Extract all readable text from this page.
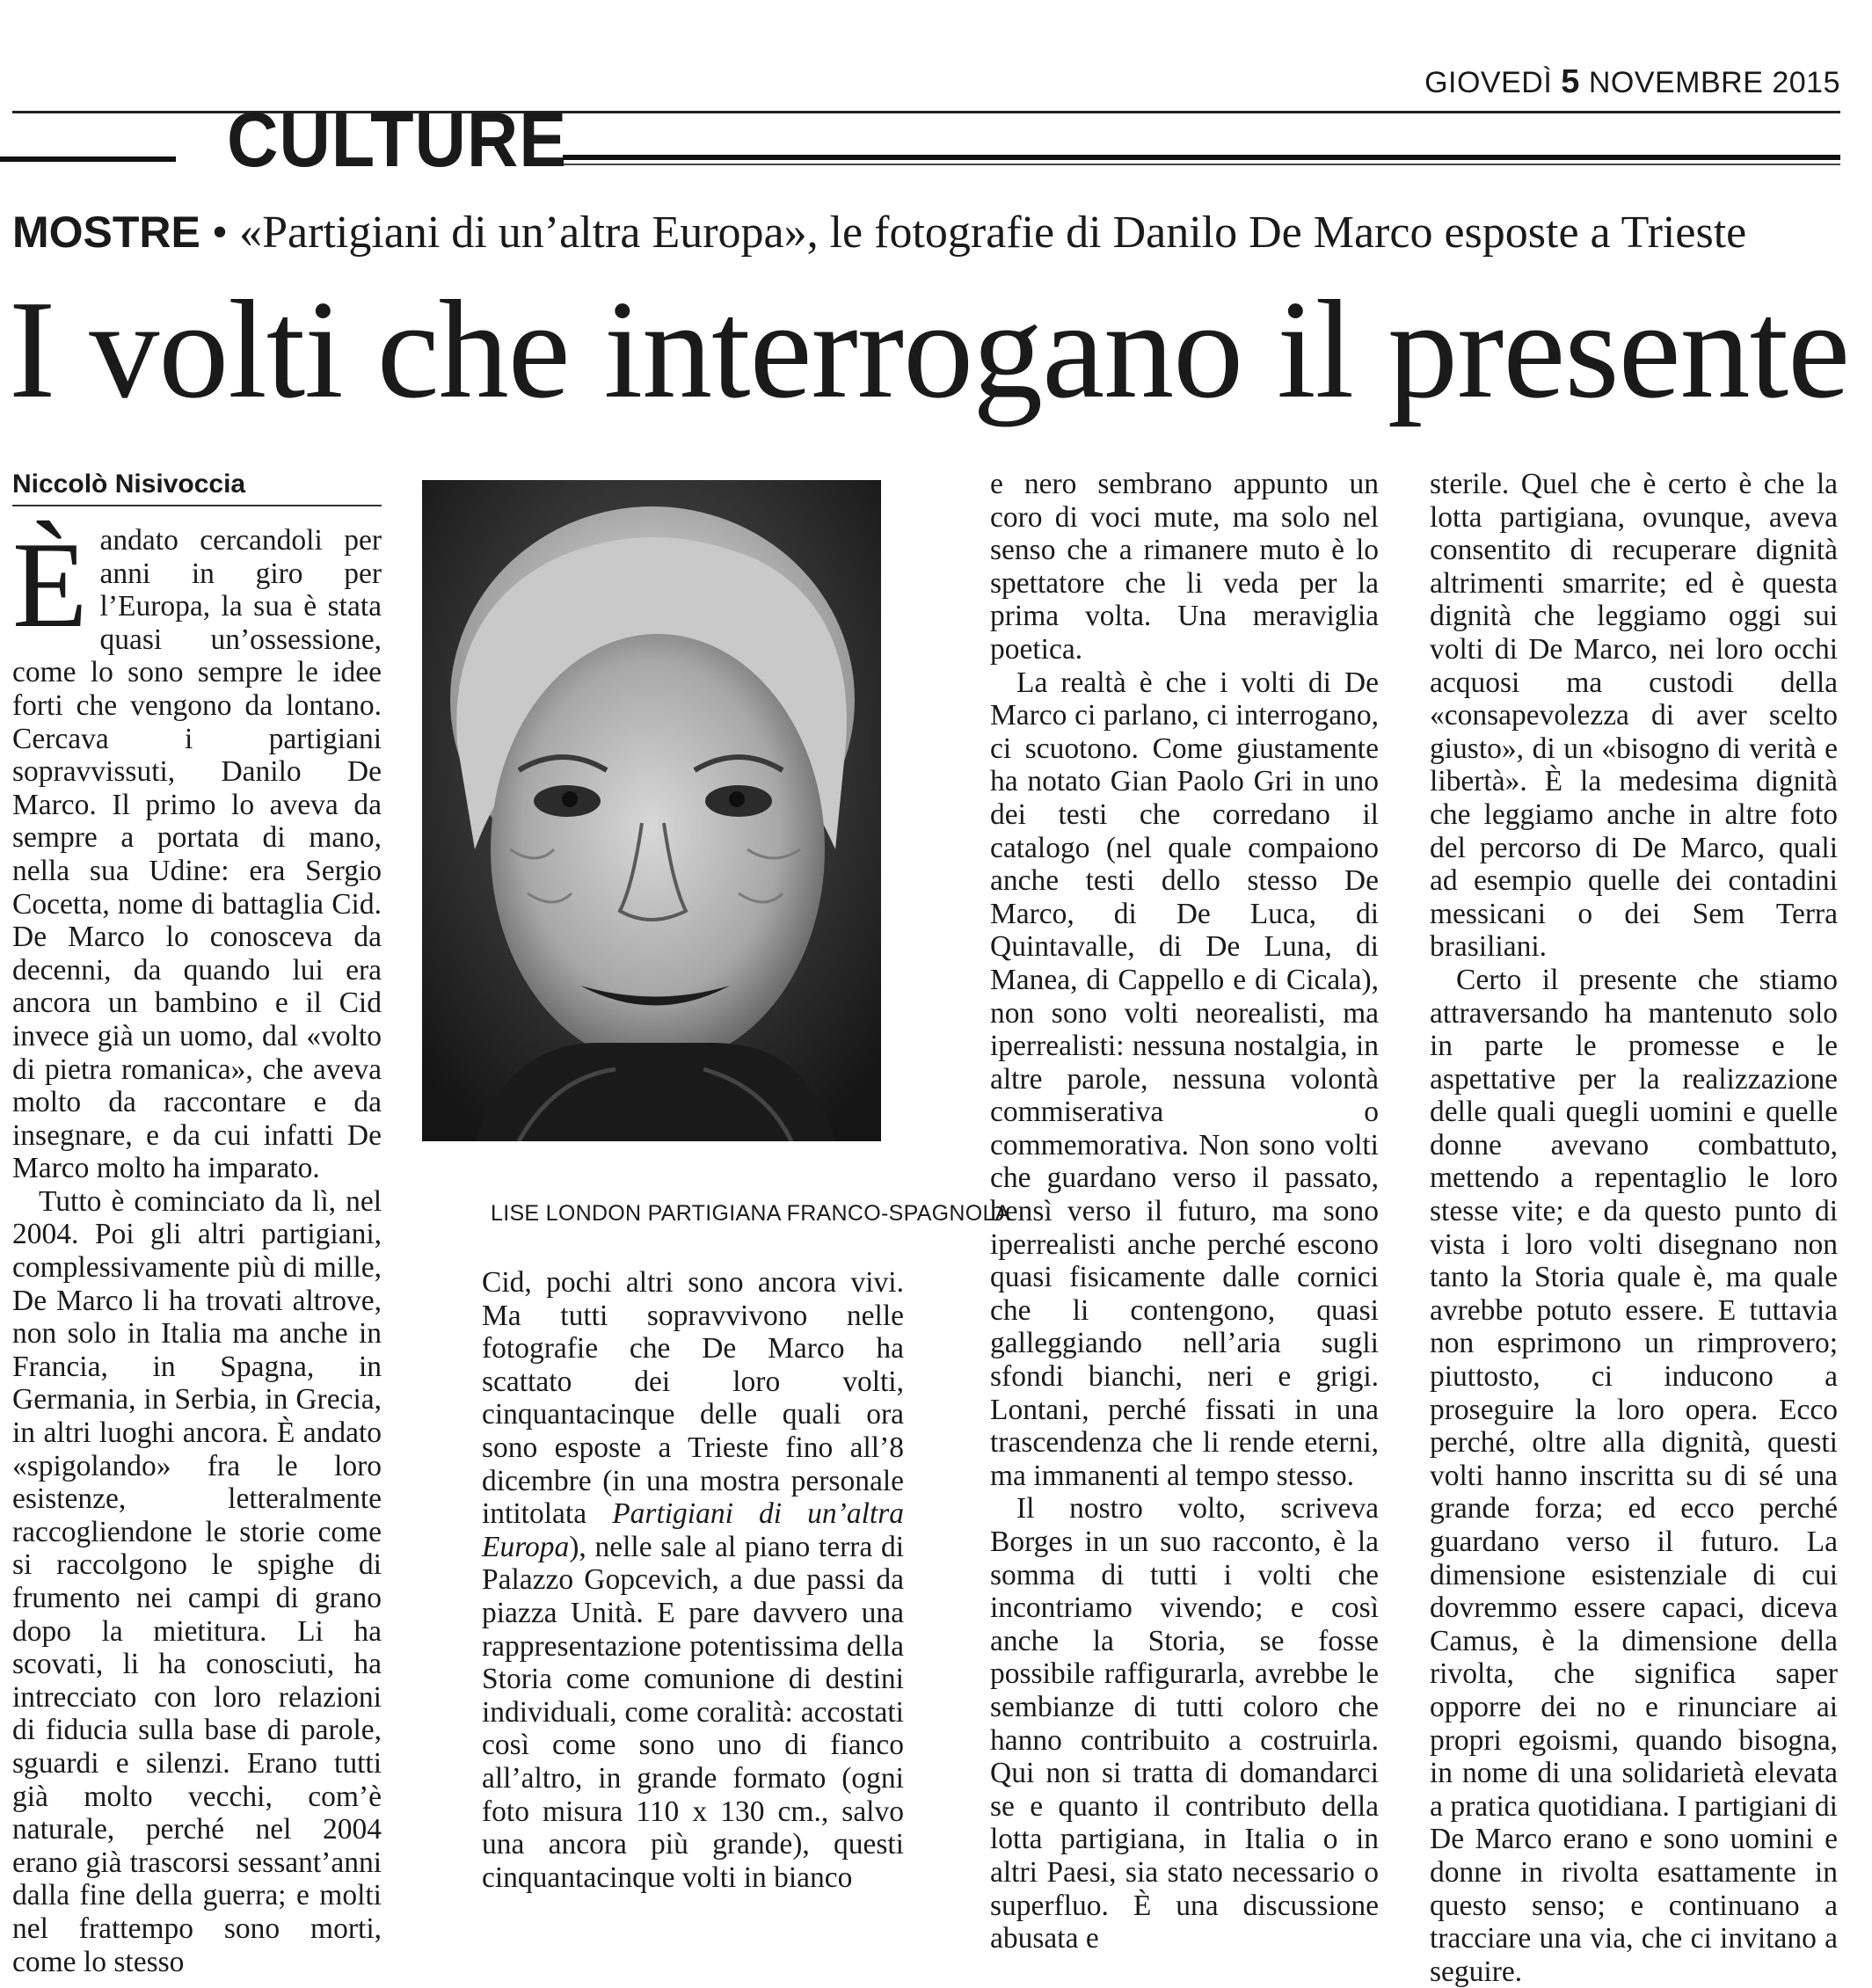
GIOVEDÌ 5 NOVEMBRE 2015
CULTURE
MOSTRE • «Partigiani di un’altra Europa», le fotografie di Danilo De Marco esposte a Trieste
I volti che interrogano il presente
Niccolò Nisivoccia

Èandato cercandoli per anni in giro per l’Europa, la sua è stata quasi un’ossessione, come lo sono sempre le idee forti che vengono da lontano. Cercava i partigiani sopravvissuti, Danilo De Marco. Il primo lo aveva da sempre a portata di mano, nella sua Udine: era Sergio Cocetta, nome di battaglia Cid. De Marco lo conosceva da decenni, da quando lui era ancora un bambino e il Cid invece già un uomo, dal «volto di pietra romanica», che aveva molto da raccontare e da insegnare, e da cui infatti De Marco molto ha imparato.

Tutto è cominciato da lì, nel 2004. Poi gli altri partigiani, complessivamente più di mille, De Marco li ha trovati altrove, non solo in Italia ma anche in Francia, in Spagna, in Germania, in Serbia, in Grecia, in altri luoghi ancora. È andato «spigolando» fra le loro esistenze, letteralmente raccogliendone le storie come si raccolgono le spighe di frumento nei campi di grano dopo la mietitura. Li ha scovati, li ha conosciuti, ha intrecciato con loro relazioni di fiducia sulla base di parole, sguardi e silenzi. Erano tutti già molto vecchi, com’è naturale, perché nel 2004 erano già trascorsi sessant’anni dalla fine della guerra; e molti nel frattempo sono morti, come lo stesso

LISE LONDON PARTIGIANA FRANCO-SPAGNOLA

Cid, pochi altri sono ancora vivi. Ma tutti sopravvivono nelle fotografie che De Marco ha scattato dei loro volti, cinquantacinque delle quali ora sono esposte a Trieste fino all’8 dicembre (in una mostra personale intitolata Partigiani di un’altra Europa), nelle sale al piano terra di Palazzo Gopcevich, a due passi da piazza Unità. E pare davvero una rappresentazione potentissima della Storia come comunione di destini individuali, come coralità: accostati così come sono uno di fianco all’altro, in grande formato (ogni foto misura 110 x 130 cm., salvo una ancora più grande), questi cinquantacinque volti in bianco

e nero sembrano appunto un coro di voci mute, ma solo nel senso che a rimanere muto è lo spettatore che li veda per la prima volta. Una meraviglia poetica.

La realtà è che i volti di De Marco ci parlano, ci interrogano, ci scuotono. Come giustamente ha notato Gian Paolo Gri in uno dei testi che corredano il catalogo (nel quale compaiono anche testi dello stesso De Marco, di De Luca, di Quintavalle, di De Luna, di Manea, di Cappello e di Cicala), non sono volti neorealisti, ma iperrealisti: nessuna nostalgia, in altre parole, nessuna volontà commiserativa o commemorativa. Non sono volti che guardano verso il passato, bensì verso il futuro, ma sono iperrealisti anche perché escono quasi fisicamente dalle cornici che li contengono, quasi galleggiando nell’aria sugli sfondi bianchi, neri e grigi. Lontani, perché fissati in una trascendenza che li rende eterni, ma immanenti al tempo stesso.

Il nostro volto, scriveva Borges in un suo racconto, è la somma di tutti i volti che incontriamo vivendo; e così anche la Storia, se fosse possibile raffigurarla, avrebbe le sembianze di tutti coloro che hanno contribuito a costruirla. Qui non si tratta di domandarci se e quanto il contributo della lotta partigiana, in Italia o in altri Paesi, sia stato necessario o superfluo. È una discussione abusata e

sterile. Quel che è certo è che la lotta partigiana, ovunque, aveva consentito di recuperare dignità altrimenti smarrite; ed è questa dignità che leggiamo oggi sui volti di De Marco, nei loro occhi acquosi ma custodi della «consapevolezza di aver scelto giusto», di un «bisogno di verità e libertà». È la medesima dignità che leggiamo anche in altre foto del percorso di De Marco, quali ad esempio quelle dei contadini messicani o dei Sem Terra brasiliani.

Certo il presente che stiamo attraversando ha mantenuto solo in parte le promesse e le aspettative per la realizzazione delle quali quegli uomini e quelle donne avevano combattuto, mettendo a repentaglio le loro stesse vite; e da questo punto di vista i loro volti disegnano non tanto la Storia quale è, ma quale avrebbe potuto essere. E tuttavia non esprimono un rimprovero; piuttosto, ci inducono a proseguire la loro opera. Ecco perché, oltre alla dignità, questi volti hanno inscritta su di sé una grande forza; ed ecco perché guardano verso il futuro. La dimensione esistenziale di cui dovremmo essere capaci, diceva Camus, è la dimensione della rivolta, che significa saper opporre dei no e rinunciare ai propri egoismi, quando bisogna, in nome di una solidarietà elevata a pratica quotidiana. I partigiani di De Marco erano e sono uomini e donne in rivolta esattamente in questo senso; e continuano a tracciare una via, che ci invitano a seguire.
